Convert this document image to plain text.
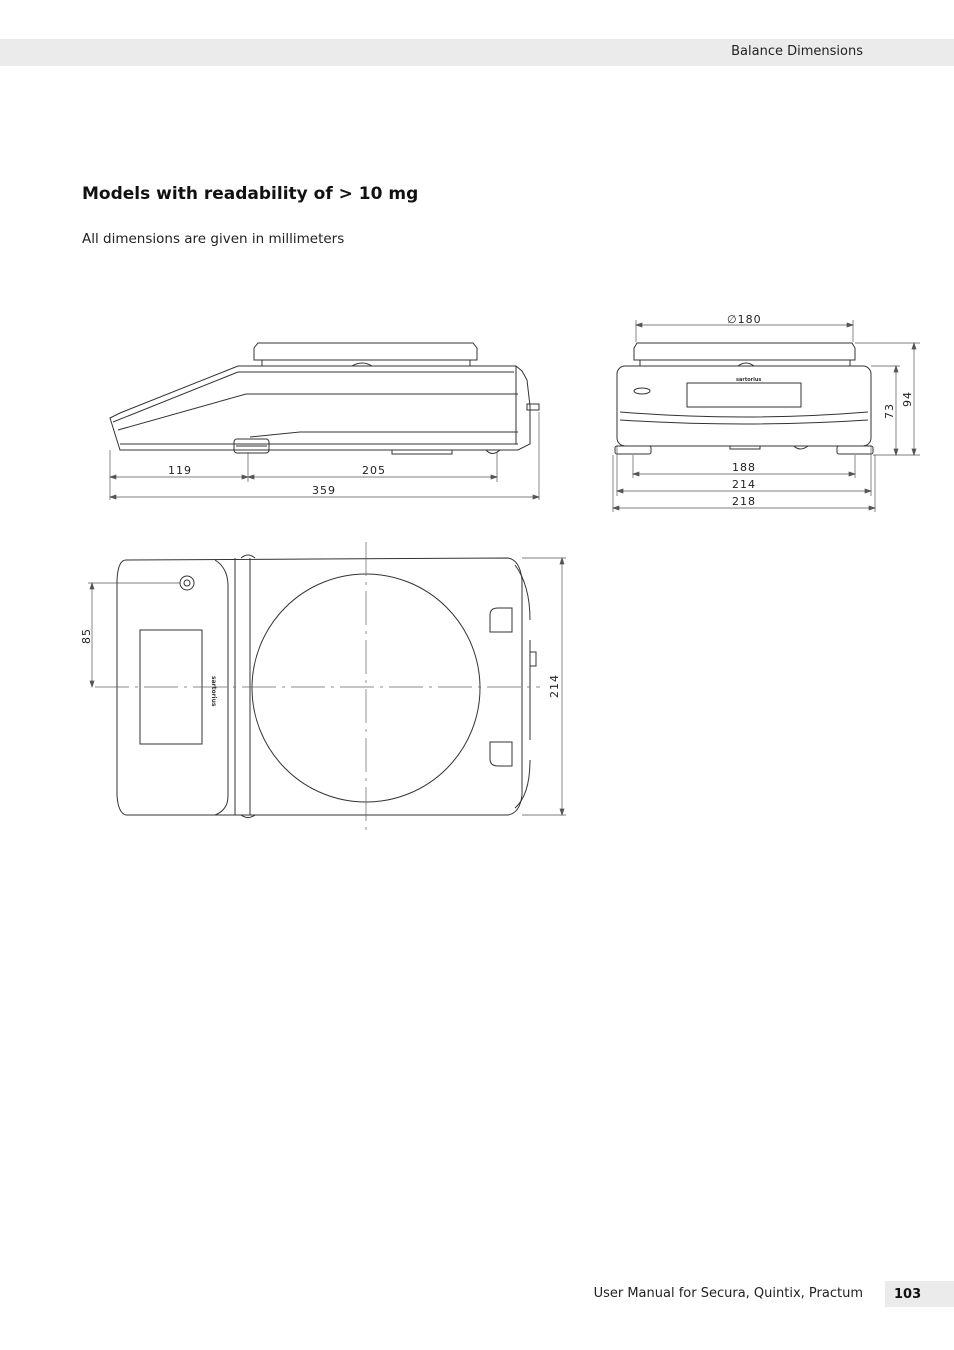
Balance Dimensions
Models with readability of > 10 mg
All dimensions are given in millimeters
119	205
359
∅180
73
94
188
214
218
sartorius
85
214
sartorius
User Manual for Secura, Quintix, Practum 103
